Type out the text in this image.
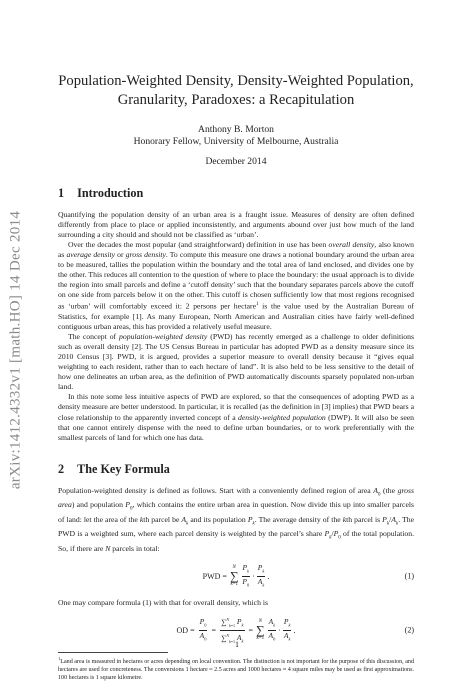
arXiv:1412.4332v1 [math.HO] 14 Dec 2014
Population-Weighted Density, Density-Weighted Population,
Granularity, Paradoxes: a Recapitulation
Anthony B. Morton
Honorary Fellow, University of Melbourne, Australia
December 2014
1 Introduction

Quantifying the population density of an urban area is a fraught issue. Measures of density are often defined differently from place to place or applied inconsistently, and arguments abound over just how much of the land surrounding a city should and should not be classified as ‘urban’.

Over the decades the most popular (and straightforward) definition in use has been overall density, also known as average density or gross density. To compute this measure one draws a notional boundary around the urban area to be measured, tallies the population within the boundary and the total area of land enclosed, and divides one by the other. This reduces all contention to the question of where to place the boundary: the usual approach is to divide the region into small parcels and define a ‘cutoff density’ such that the boundary separates parcels above the cutoff on one side from parcels below it on the other. This cutoff is chosen sufficiently low that most regions recognised as ‘urban’ will comfortably exceed it: 2 persons per hectare$^1$ is the value used by the Australian Bureau of Statistics, for example [1]. As many European, North American and Australian cities have fairly well-defined contiguous urban areas, this has provided a relatively useful measure.

The concept of population-weighted density (PWD) has recently emerged as a challenge to older definitions such as overall density [2]. The US Census Bureau in particular has adopted PWD as a density measure since its 2010 Census [3]. PWD, it is argued, provides a superior measure to overall density because it “gives equal weighting to each resident, rather than to each hectare of land”. It is also held to be less sensitive to the detail of how one delineates an urban area, as the definition of PWD automatically discounts sparsely populated non-urban land.

In this note some less intuitive aspects of PWD are explored, so that the consequences of adopting PWD as a density measure are better understood. In particular, it is recalled (as the definition in [3] implies) that PWD bears a close relationship to the apparently inverted concept of a density-weighted population (DWP). It will also be seen that one cannot entirely dispense with the need to define urban boundaries, or to work preferentially with the smallest parcels of land for which one has data.

2 The Key Formula

Population-weighted density is defined as follows. Start with a conveniently defined region of area $A_0$ (the gross area) and population $P_0$, which contains the entire urban area in question. Now divide this up into smaller parcels of land: let the area of the kth parcel be $A_k$ and its population $P_k$. The average density of the kth parcel is $P_k/A_k$. The PWD is a weighted sum, where each parcel density is weighted by the parcel’s share $P_k/P_0$ of the total population. So, if there are N parcels in total:

PWD =
N
∑
$k=1 \frac{P_k}{P_0} \cdot \frac{P_k}{A_k}$ .	(1)

One may compare formula (1) with that for overall density, which is

OD = $\frac{P_0}{A_0} = \frac{\sum^N_{k=1} P_k}{\sum^N_{k=1} A_k}$ =
N
∑
$k=1 \frac{A_k}{A_0} \cdot \frac{P_k}{A_k}$ .	(2)
$^1$Land area is measured in hectares or acres depending on local convention. The distinction is not important for the purpose of this discussion, and hectares are used for concreteness. The conversions 1 hectare ≈ 2.5 acres and 1000 hectares ≈ 4 square miles may be used as first approximations. 100 hectares is 1 square kilometre.
1
